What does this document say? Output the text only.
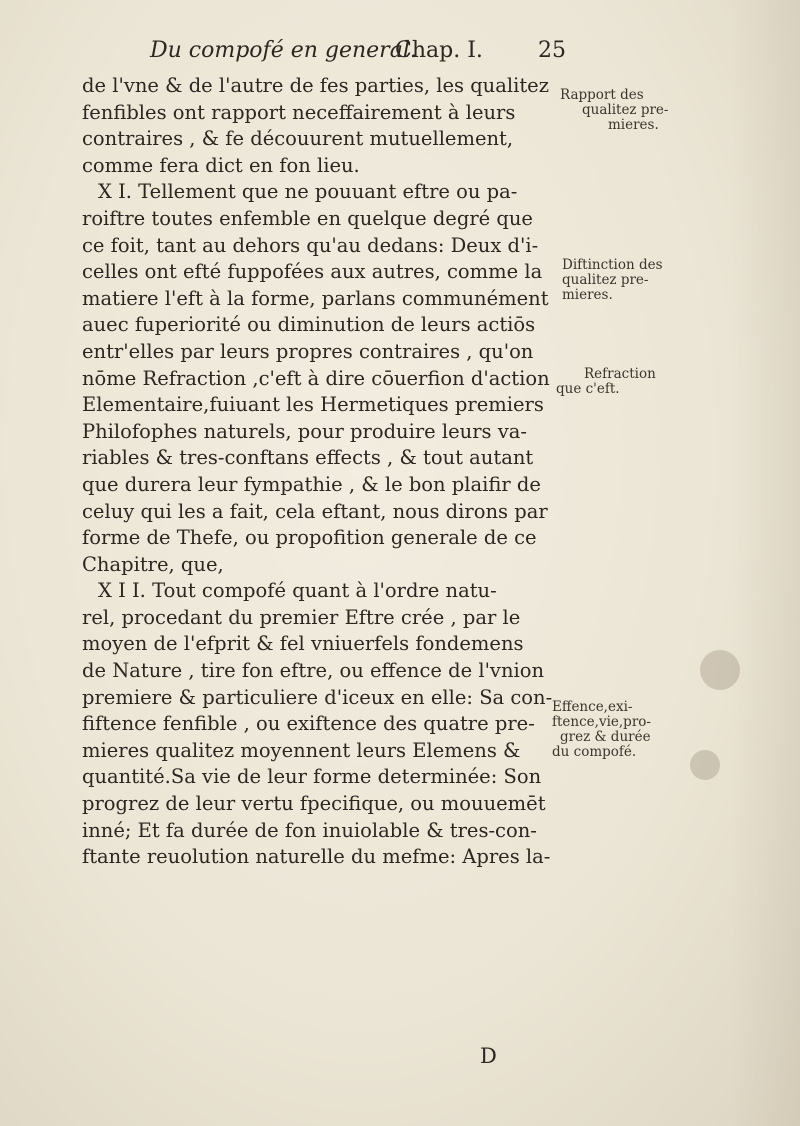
Du compofé en general.
Chap. I.	25
de l'vne & de l'autre de fes parties, les qualitez
fenfibles ont rapport neceffairement à leurs
contraires , & fe découurent mutuellement,
comme fera dict en fon lieu.
X I. Tellement que ne pouuant eftre ou pa-
roiftre toutes enfemble en quelque degré que
ce foit, tant au dehors qu'au dedans: Deux d'i-
celles ont efté fuppofées aux autres, comme la
matiere l'eft à la forme, parlans communément
auec fuperiorité ou diminution de leurs actiōs
entr'elles par leurs propres contraires , qu'on
nōme Refraction ,c'eft à dire cōuerfion d'action
Elementaire,fuiuant les Hermetiques premiers
Philofophes naturels, pour produire leurs va-
riables & tres-conftans effects , & tout autant
que durera leur fympathie , & le bon plaifir de
celuy qui les a fait, cela eftant, nous dirons par
forme de Thefe, ou propofition generale de ce
Chapitre, que,
X I I. Tout compofé quant à l'ordre natu-
rel, procedant du premier Eftre crée , par le
moyen de l'efprit & fel vniuerfels fondemens
de Nature , tire fon eftre, ou effence de l'vnion
premiere & particuliere d'iceux en elle: Sa con-
fiftence fenfible , ou exiftence des quatre pre-
mieres qualitez moyennent leurs Elemens &
quantité.Sa vie de leur forme determinée: Son
progrez de leur vertu fpecifique, ou mouuemēt
inné; Et fa durée de fon inuiolable & tres-con-
ftante reuolution naturelle du mefme: Apres la-
D
Rapport des
qualitez pre-
mieres.
Diftinction des
qualitez pre-
mieres.
Refraction
que c'eft.
Effence,exi-
ftence,vie,pro-
grez & durée
du compofé.
